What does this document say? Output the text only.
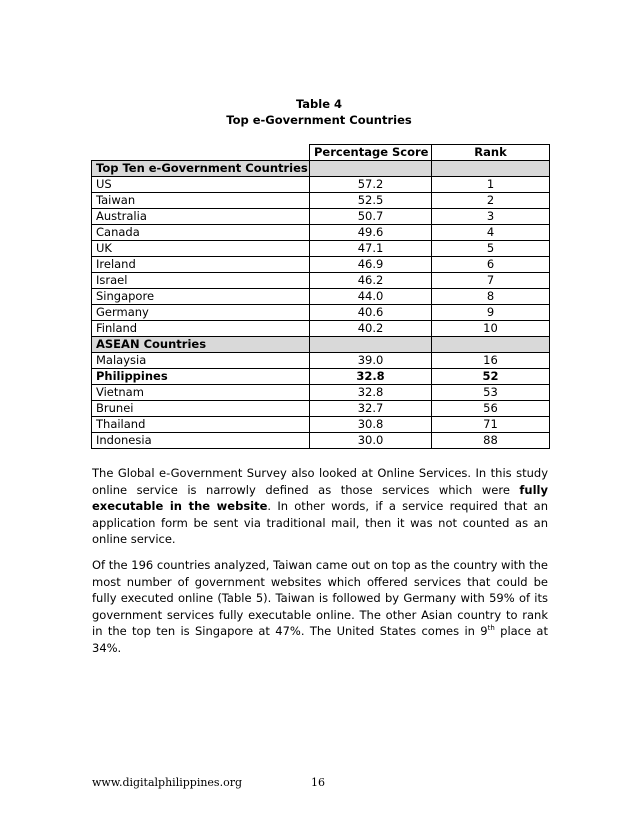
Table 4
Top e-Government Countries
	Percentage Score	Rank
Top Ten e-Government Countries		
US	57.2	1
Taiwan	52.5	2
Australia	50.7	3
Canada	49.6	4
UK	47.1	5
Ireland	46.9	6
Israel	46.2	7
Singapore	44.0	8
Germany	40.6	9
Finland	40.2	10
ASEAN Countries		
Malaysia	39.0	16
Philippines	32.8	52
Vietnam	32.8	53
Brunei	32.7	56
Thailand	30.8	71
Indonesia	30.0	88
The Global e-Government Survey also looked at Online Services. In this study online service is narrowly defined as those services which were fully executable in the website. In other words, if a service required that an application form be sent via traditional mail, then it was not counted as an online service.
Of the 196 countries analyzed, Taiwan came out on top as the country with the most number of government websites which offered services that could be fully executed online (Table 5). Taiwan is followed by Germany with 59% of its government services fully executable online. The other Asian country to rank in the top ten is Singapore at 47%. The United States comes in 9th place at 34%.
www.digitalphilippines.org	16
